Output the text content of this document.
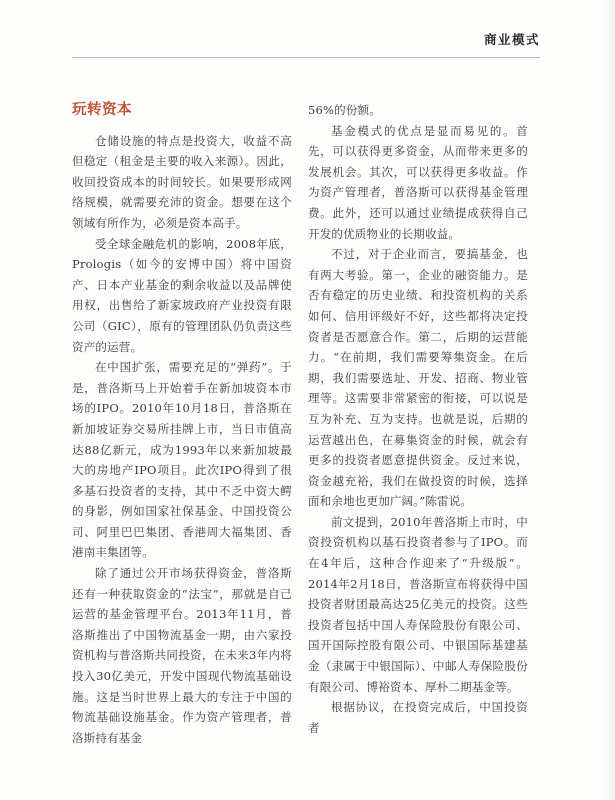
商业模式
玩转资本

仓储设施的特点是投资大，收益不高但稳定（租金是主要的收入来源）。因此，收回投资成本的时间较长。如果要形成网络规模，就需要充沛的资金。想要在这个领域有所作为，必须是资本高手。

受全球金融危机的影响，2008年底，Prologis（如今的安博中国）将中国资产、日本产业基金的剩余收益以及品牌使用权，出售给了新家坡政府产业投资有限公司（GIC），原有的管理团队仍负责这些资产的运营。

在中国扩张，需要充足的“弹药”。于是，普洛斯马上开始着手在新加坡资本市场的IPO。2010年10月18日，普洛斯在新加坡证券交易所挂牌上市，当日市值高达88亿新元，成为1993年以来新加坡最大的房地产IPO项目。此次IPO得到了很多基石投资者的支持，其中不乏中资大鳄的身影，例如国家社保基金、中国投资公司、阿里巴巴集团、香港周大福集团、香港南丰集团等。

除了通过公开市场获得资金，普洛斯还有一种获取资金的“法宝”，那就是自己运营的基金管理平台。2013年11月，普洛斯推出了中国物流基金一期，由六家投资机构与普洛斯共同投资，在未来3年内将投入30亿美元，开发中国现代物流基础设施。这是当时世界上最大的专注于中国的物流基础设施基金。作为资产管理者，普洛斯持有基金

56%的份额。

基金模式的优点是显而易见的。首先，可以获得更多资金，从而带来更多的发展机会。其次，可以获得更多收益。作为资产管理者，普洛斯可以获得基金管理费。此外，还可以通过业绩提成获得自己开发的优质物业的长期收益。

不过，对于企业而言，要搞基金，也有两大考验。第一，企业的融资能力。是否有稳定的历史业绩、和投资机构的关系如何、信用评级好不好，这些都将决定投资者是否愿意合作。第二，后期的运营能力。“在前期，我们需要筹集资金。在后期，我们需要选址、开发、招商、物业管理等。这需要非常紧密的衔接，可以说是互为补充、互为支持。也就是说，后期的运营越出色，在募集资金的时候，就会有更多的投资者愿意提供资金。反过来说，资金越充裕，我们在做投资的时候，选择面和余地也更加广阔。”陈雷说。

前文提到，2010年普洛斯上市时，中资投资机构以基石投资者参与了IPO。而在4年后，这种合作迎来了“升级版”。2014年2月18日，普洛斯宣布将获得中国投资者财团最高达25亿美元的投资。这些投资者包括中国人寿保险股份有限公司、国开国际控股有限公司、中银国际基建基金（隶属于中银国际）、中邮人寿保险股份有限公司、博裕资本、厚朴二期基金等。

根据协议，在投资完成后，中国投资者
